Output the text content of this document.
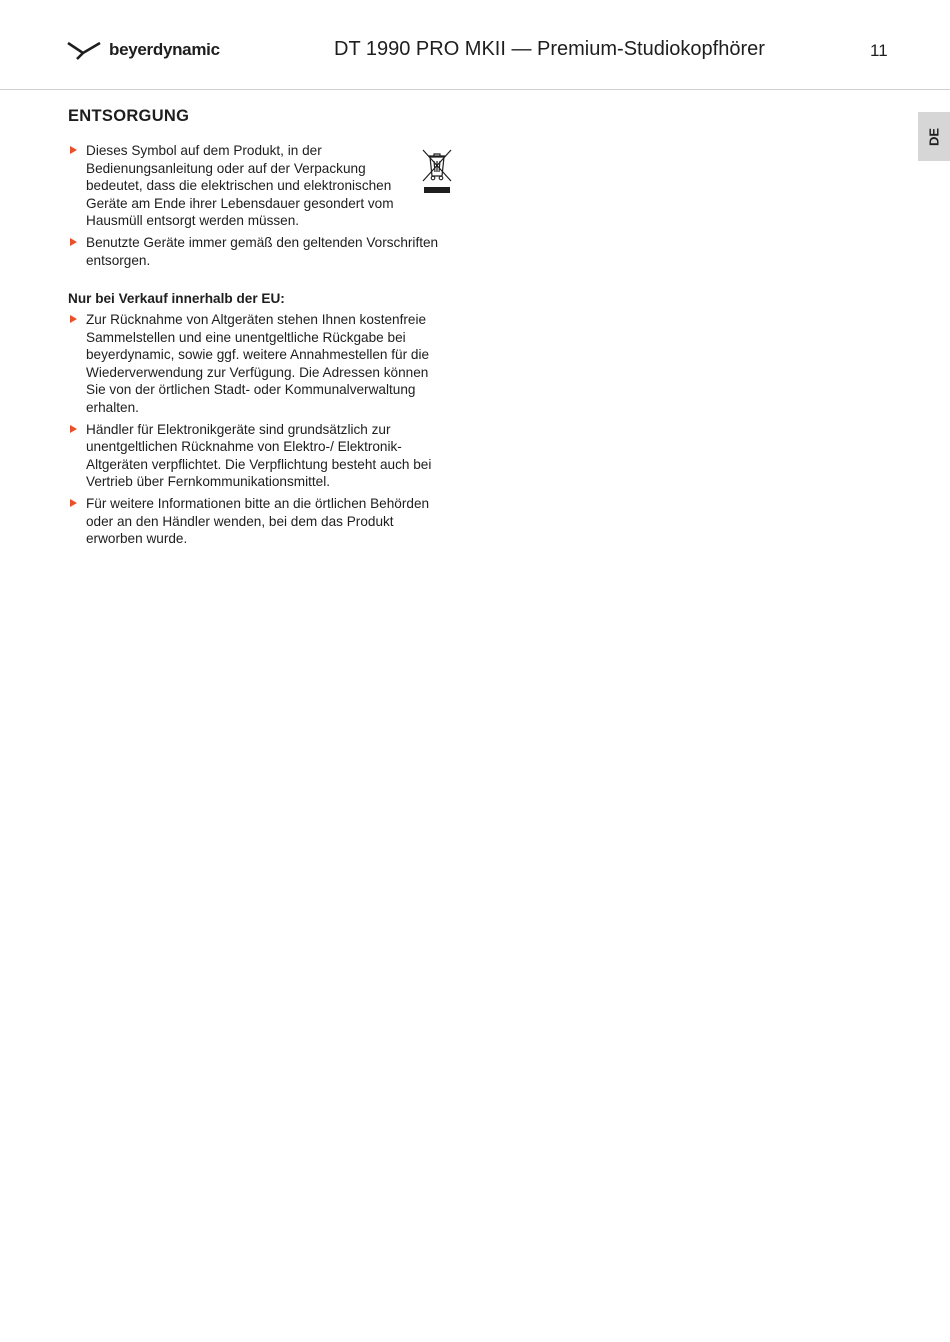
beyerdynamic	DT 1990 PRO MKII — Premium-Studiokopfhörer	11
DE
ENTSORGUNG
Dieses Symbol auf dem Produkt, in der Bedienungsanleitung oder auf der Verpackung bedeutet, dass die elektrischen und elektronischen Geräte am Ende ihrer Lebensdauer gesondert vom Hausmüll entsorgt werden müssen.
Benutzte Geräte immer gemäß den geltenden Vorschriften entsorgen.
Nur bei Verkauf innerhalb der EU:
Zur Rücknahme von Altgeräten stehen Ihnen kostenfreie Sammelstellen und eine unentgeltliche Rückgabe bei beyerdynamic, sowie ggf. weitere Annahmestellen für die Wiederverwendung zur Verfügung. Die Adressen können Sie von der örtlichen Stadt- oder Kommunalverwaltung erhalten.
Händler für Elektronikgeräte sind grundsätzlich zur unentgeltlichen Rücknahme von Elektro-/ Elektronik-Altgeräten verpflichtet. Die Verpflichtung besteht auch bei Vertrieb über Fernkommunikationsmittel.
Für weitere Informationen bitte an die örtlichen Behörden oder an den Händler wenden, bei dem das Produkt erworben wurde.
